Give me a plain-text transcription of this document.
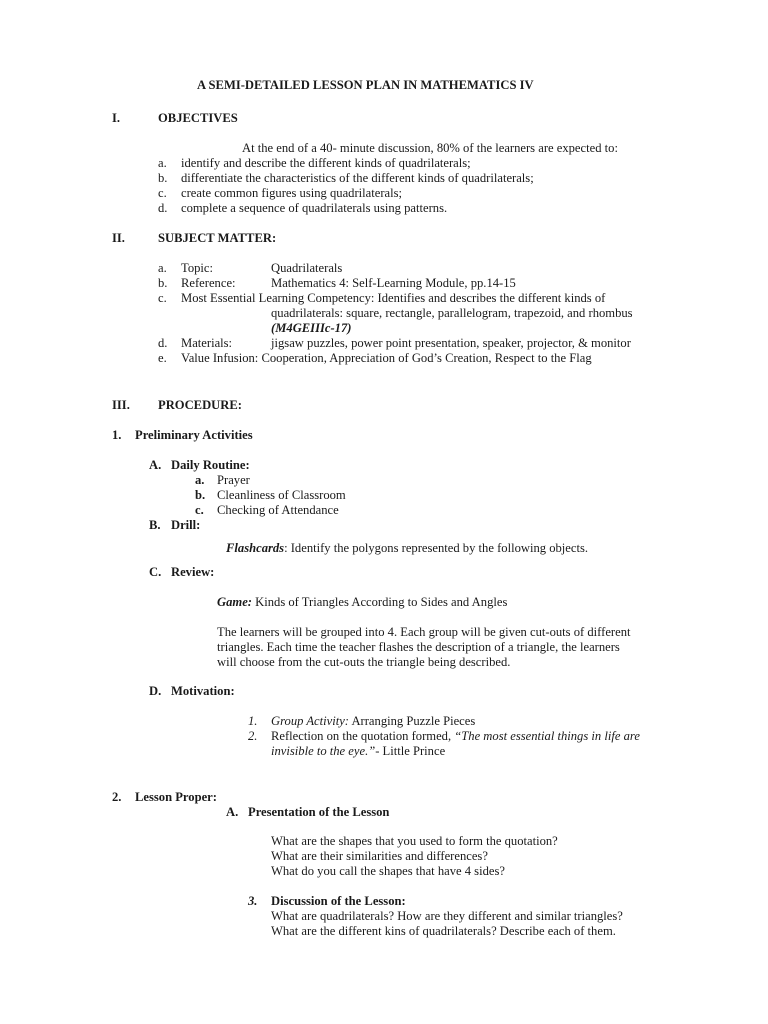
A SEMI-DETAILED LESSON PLAN IN MATHEMATICS IV
I.	OBJECTIVES
At the end of a 40- minute discussion, 80% of the learners are expected to:
a. identify and describe the different kinds of quadrilaterals;
b. differentiate the characteristics of the different kinds of quadrilaterals;
c. create common figures using quadrilaterals;
d. complete a sequence of quadrilaterals using patterns.
II.	SUBJECT MATTER:
a. Topic:	Quadrilaterals
b. Reference:	Mathematics 4: Self-Learning Module, pp.14-15
c. Most Essential Learning Competency: Identifies and describes the different kinds of
quadrilaterals: square, rectangle, parallelogram, trapezoid, and rhombus
(M4GEIIIc-17)
d. Materials:	jigsaw puzzles, power point presentation, speaker, projector, & monitor
e. Value Infusion: Cooperation, Appreciation of God’s Creation, Respect to the Flag
III. PROCEDURE:
1. Preliminary Activities
A. Daily Routine:
a. Prayer
b. Cleanliness of Classroom
c. Checking of Attendance
B. Drill:
Flashcards: Identify the polygons represented by the following objects.
C. Review:
Game: Kinds of Triangles According to Sides and Angles
The learners will be grouped into 4. Each group will be given cut-outs of different
triangles. Each time the teacher flashes the description of a triangle, the learners
will choose from the cut-outs the triangle being described.
D. Motivation:
1. Group Activity: Arranging Puzzle Pieces
2. Reflection on the quotation formed, “The most essential things in life are
invisible to the eye.”- Little Prince
2. Lesson Proper:
A. Presentation of the Lesson
What are the shapes that you used to form the quotation?
What are their similarities and differences?
What do you call the shapes that have 4 sides?
3. Discussion of the Lesson:
What are quadrilaterals? How are they different and similar triangles?
What are the different kins of quadrilaterals? Describe each of them.
